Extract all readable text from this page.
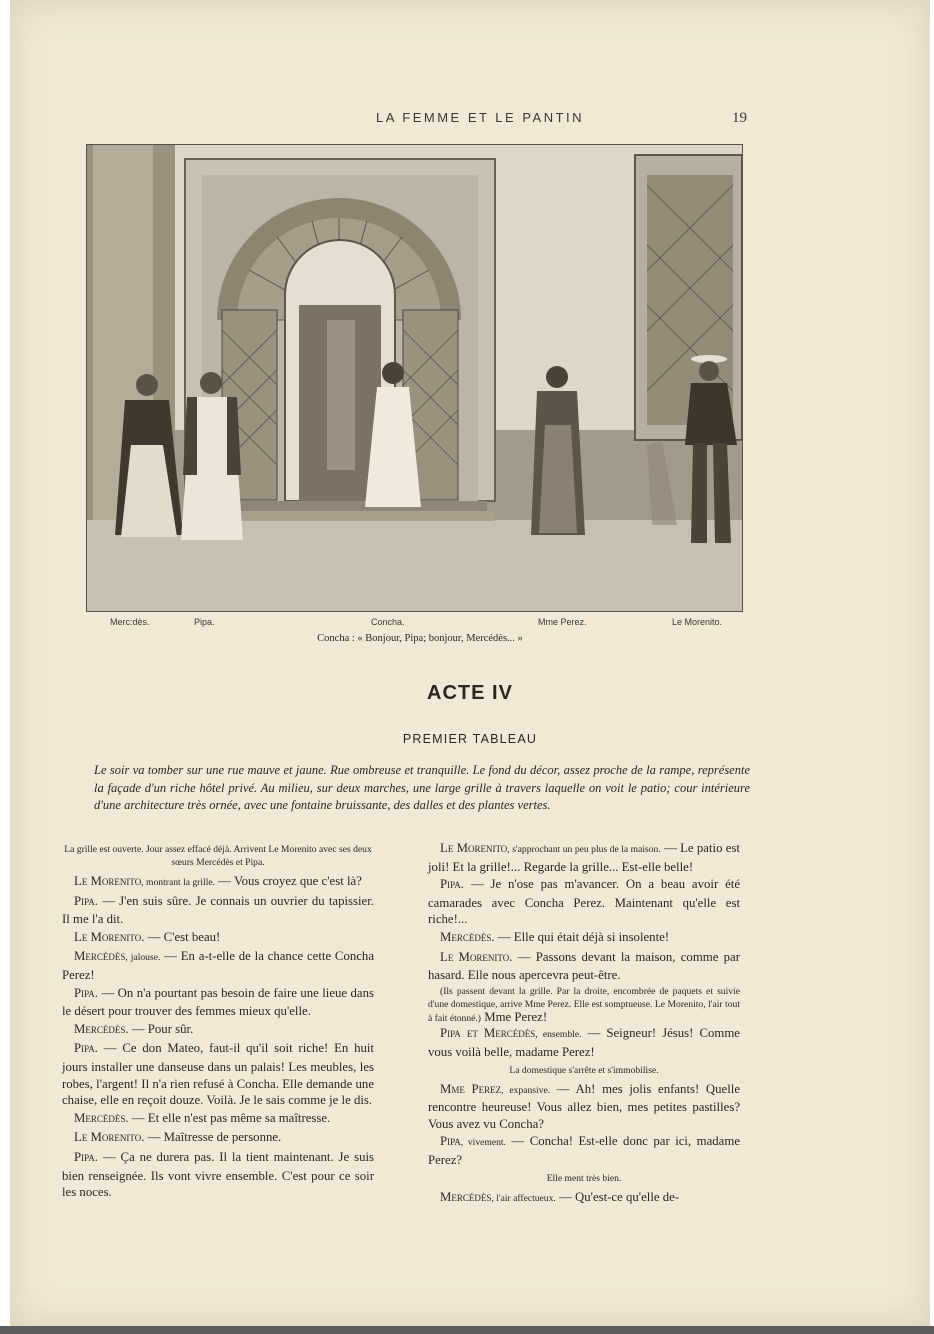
LA FEMME ET LE PANTIN	19
Merc:dès.	Pipa.	Concha.	Mme Perez.	Le Morenito.
Concha : « Bonjour, Pipa; bonjour, Mercédès... »
ACTE IV
PREMIER TABLEAU
Le soir va tomber sur une rue mauve et jaune. Rue ombreuse et tranquille. Le fond du décor, assez proche de la rampe, représente la façade d'un riche hôtel privé. Au milieu, sur deux marches, une large grille à travers laquelle on voit le patio; cour intérieure d'une architecture très ornée, avec une fontaine bruissante, des dalles et des plantes vertes.

La grille est ouverte. Jour assez effacé déjà. Arrivent Le Morenito avec ses deux sœurs Mercédès et Pipa.

Le Morenito, montrant la grille. — Vous croyez que c'est là?

Pipa. — J'en suis sûre. Je connais un ouvrier du tapissier. Il me l'a dit.

Le Morenito. — C'est beau!

Mercédès, jalouse. — En a-t-elle de la chance cette Concha Perez!

Pipa. — On n'a pourtant pas besoin de faire une lieue dans le désert pour trouver des femmes mieux qu'elle.

Mercédès. — Pour sûr.

Pipa. — Ce don Mateo, faut-il qu'il soit riche! En huit jours installer une danseuse dans un palais! Les meubles, les robes, l'argent! Il n'a rien refusé à Concha. Elle demande une chaise, elle en reçoit douze. Voilà. Je le sais comme je le dis.

Mercédès. — Et elle n'est pas même sa maîtresse.

Le Morenito. — Maîtresse de personne.

Pipa. — Ça ne durera pas. Il la tient maintenant. Je suis bien renseignée. Ils vont vivre ensemble. C'est pour ce soir les noces.

Le Morenito, s'approchant un peu plus de la maison. — Le patio est joli! Et la grille!... Regarde la grille... Est-elle belle!

Pipa. — Je n'ose pas m'avancer. On a beau avoir été camarades avec Concha Perez. Maintenant qu'elle est riche!...

Mercédès. — Elle qui était déjà si insolente!

Le Morenito. — Passons devant la maison, comme par hasard. Elle nous apercevra peut-être.

(Ils passent devant la grille. Par la droite, encombrée de paquets et suivie d'une domestique, arrive Mme Perez. Elle est somptueuse. Le Morenito, l'air tout à fait étonné.) Mme Perez!

Pipa et Mercédès, ensemble. — Seigneur! Jésus! Comme vous voilà belle, madame Perez!

La domestique s'arrête et s'immobilise.

Mme Perez, expansive. — Ah! mes jolis enfants! Quelle rencontre heureuse! Vous allez bien, mes petites pastilles? Vous avez vu Concha?

Pipa, vivement. — Concha! Est-elle donc par ici, madame Perez?

Elle ment très bien.

Mercédès, l'air affectueux. — Qu'est-ce qu'elle de-
